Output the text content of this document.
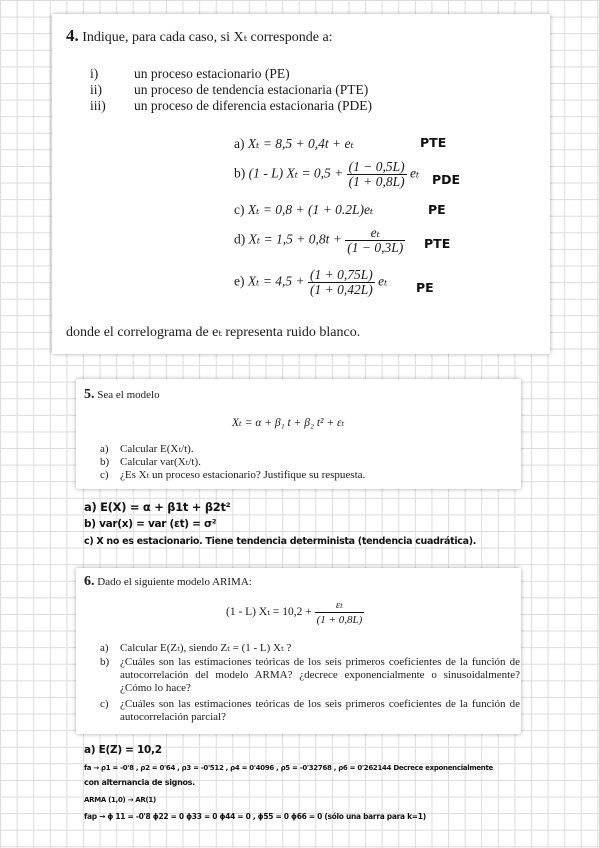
4. Indique, para cada caso, si Xₜ corresponde a:
i)	un proceso estacionario (PE)
ii) un proceso de tendencia estacionaria (PTE)
iii) un proceso de diferencia estacionaria (PDE)
a) Xₜ = 8,5 + 0,4t + eₜ	PTE
b) (1 - L) $X_t = 0,5 + \frac{(1 - 0,5L)}{(1 + 0,8L)}$ eₜ PDE
c) Xₜ = 0,8 + (1 + 0.2L)eₜ	PE
d) $X_t = 1,5 + 0,8t + \frac{\text{eₜ}}{(1 - 0,3L)}$ PTE
e) $X_t = 4,5 + \frac{(1 + 0,75L)}{(1 + 0,42L)}$ eₜ PE
donde el correlograma de eₜ representa ruido blanco.
5. Sea el modelo
Xₜ = α + β₁ t + β₂ t² + εₜ
a) Calcular E(Xₜ/t).
b) Calcular var(Xₜ/t).
c) ¿Es Xₜ un proceso estacionario? Justifique su respuesta.
a) E(X) = α + β1t + β2t²
b) var(x) = var (εt) = σ²
c) X no es estacionario. Tiene tendencia determinista (tendencia cuadrática).
6. Dado el siguiente modelo ARIMA:
(1 - L) $X_t = 10,2 + \frac{\text{εₜ}}{(1 + 0,8L)}$
a) Calcular E(Zₜ), siendo Zₜ = (1 - L) Xₜ ?
b) ¿Cuáles son las estimaciones teóricas de los seis primeros coeficientes de la función de autocorrelación del modelo ARMA? ¿decrece exponencialmente o sinusoidalmente? ¿Cómo lo hace?
c) ¿Cuáles son las estimaciones teóricas de los seis primeros coeficientes de la función de autocorrelación parcial?
a) E(Z) = 10,2
fa → ρ1 = -0'8 , ρ2 = 0'64 , ρ3 = -0'512 , ρ4 = 0'4096 , ρ5 = -0'32768 , ρ6 = 0'262144 Decrece exponencialmente
con alternancia de signos.
ARMA (1,0) → AR(1)
fap → ϕ 11 = -0'8 ϕ22 = 0 ϕ33 = 0 ϕ44 = 0 , ϕ55 = 0 ϕ66 = 0 (sólo una barra para k=1)
